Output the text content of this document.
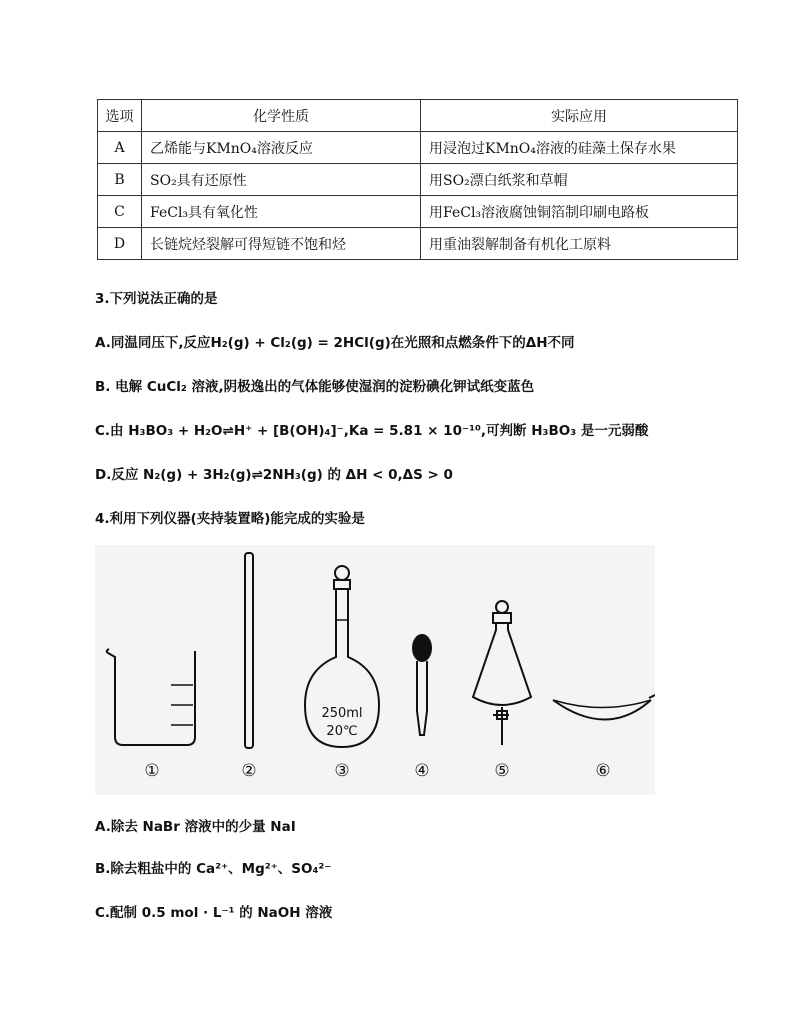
选项	化学性质	实际应用
A	乙烯能与KMnO₄溶液反应	用浸泡过KMnO₄溶液的硅藻土保存水果
B	SO₂具有还原性	用SO₂漂白纸浆和草帽
C	FeCl₃具有氧化性	用FeCl₃溶液腐蚀铜箔制印刷电路板
D	长链烷烃裂解可得短链不饱和烃	用重油裂解制备有机化工原料
3.下列说法正确的是
A.同温同压下,反应H₂(g) + Cl₂(g) = 2HCl(g)在光照和点燃条件下的ΔH不同
B. 电解 CuCl₂ 溶液,阴极逸出的气体能够使湿润的淀粉碘化钾试纸变蓝色
C.由 H₃BO₃ + H₂O⇌H⁺ + [B(OH)₄]⁻,Ka = 5.81 × 10⁻¹⁰,可判断 H₃BO₃ 是一元弱酸
D.反应 N₂(g) + 3H₂(g)⇌2NH₃(g) 的 ΔH < 0,ΔS > 0
4.利用下列仪器(夹持装置略)能完成的实验是
250ml
20℃
①	②	③	④	⑤	⑥
A.除去 NaBr 溶液中的少量 NaI
B.除去粗盐中的 Ca²⁺、Mg²⁺、SO₄²⁻
C.配制 0.5 mol · L⁻¹ 的 NaOH 溶液
